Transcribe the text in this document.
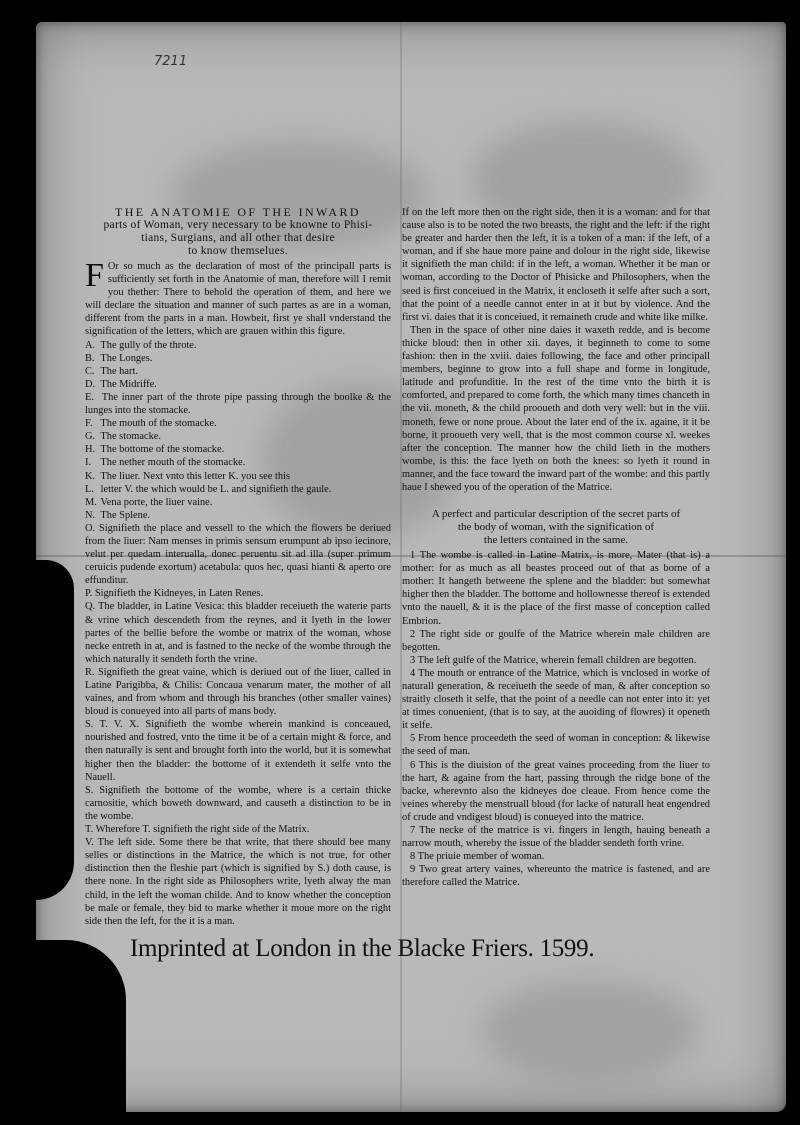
7211
THE ANATOMIE OF THE INWARD
parts of Woman, very necessary to be knowne to Phisi-
tians, Surgians, and all other that desire
to know themselues.

F Or so much as the declaration of most of the principall parts is sufficiently set forth in the Anatomie of man, therefore will I remit you thether: There to behold the operation of them, and here we will declare the situation and manner of such partes as are in a woman, different from the parts in a man. Howbeit, first ye shall vnderstand the signification of the letters, which are grauen within this figure.

A. The gully of the throte.
B. The Longes.
C. The hart.
D. The Midriffe.
E. The inner part of the throte pipe passing through the boolke & the lunges into the stomacke.
F. The mouth of the stomacke.
G. The stomacke.
H. The bottome of the stomacke.
I. The nether mouth of the stomacke.
K. The liuer. Next vnto this letter K. you see this
L. letter V. the which would be L. and signifieth the gaule.
M. Vena porte, the liuer vaine.
N. The Splene.

O. Signifieth the place and vessell to the which the flowers be deriued from the liuer: Nam menses in primis sensum erumpunt ab ipso iecinore, velut per quedam interualla, donec peruentu sit ad illa (super primum ceruicis pudende exortum) acetabula: quos hec, quasi hianti & aperto ore effunditur.

P. Signifieth the Kidneyes, in Laten Renes.

Q. The bladder, in Latine Vesica: this bladder receiueth the waterie parts & vrine which descendeth from the reynes, and it lyeth in the lower partes of the bellie before the wombe or matrix of the woman, whose necke entreth in at, and is fastned to the necke of the wombe through the which naturally it sendeth forth the vrine.

R. Signifieth the great vaine, which is deriued out of the liuer, called in Latine Parigibba, & Chilis: Concaua venarum mater, the mother of all vaines, and from whom and through his branches (other smaller vaines) bloud is conueyed into all parts of mans body.

S. T. V. X. Signifieth the wombe wherein mankind is conceaued, nourished and fostred, vnto the time it be of a certain might & force, and then naturally is sent and brought forth into the world, but it is somewhat higher then the bladder: the bottome of it extendeth it selfe vnto the Nauell.

S. Signifieth the bottome of the wombe, where is a certain thicke carnositie, which boweth downward, and causeth a distinction to be in the wombe.

T. Wherefore T. signifieth the right side of the Matrix.

V. The left side. Some there be that write, that there should bee many selles or distinctions in the Matrice, the which is not true, for other distinction then the fleshie part (which is signified by S.) doth cause, is there none. In the right side as Philosophers write, lyeth alway the man child, in the left the woman childe. And to know whether the conception be male or female, they bid to marke whether it moue more on the right side then the left, for the it is a man.

If on the left more then on the right side, then it is a woman: and for that cause also is to be noted the two breasts, the right and the left: if the right be greater and harder then the left, it is a token of a man: if the left, of a woman, and if she haue more paine and dolour in the right side, likewise it signifieth the man child: if in the left, a woman. Whether it be man or woman, according to the Doctor of Phisicke and Philosophers, when the seed is first conceiued in the Matrix, it encloseth it selfe after such a sort, that the point of a needle cannot enter in at it but by violence. And the first vi. daies that it is conceiued, it remaineth crude and white like milke.

Then in the space of other nine daies it waxeth redde, and is become thicke bloud: then in other xii. dayes, it beginneth to come to some fashion: then in the xviii. daies following, the face and other principall members, beginne to grow into a full shape and forme in longitude, latitude and profunditie. In the rest of the time vnto the birth it is comforted, and prepared to come forth, the which many times chanceth in the vii. moneth, & the child prooueth and doth very well: but in the viii. moneth, fewe or none proue. About the later end of the ix. againe, it it be borne, it prooueth very well, that is the most common course xl. weekes after the conception. The manner how the child lieth in the mothers wombe, is this: the face lyeth on both the knees: so lyeth it round in manner, and the face toward the inward part of the wombe: and this partly haue I shewed you of the operation of the Matrice.

A perfect and particular description of the secret parts of
the body of woman, with the signification of
the letters contained in the same.

1 The wombe is called in Latine Matrix, is more, Mater (that is) a mother: for as much as all beastes proceed out of that as borne of a mother: It hangeth betweene the splene and the bladder: but somewhat higher then the bladder. The bottome and hollownesse thereof is extended vnto the nauell, & it is the place of the first masse of conception called Embrion.

2 The right side or goulfe of the Matrice wherein male children are begotten.

3 The left gulfe of the Matrice, wherein femall children are begotten.

4 The mouth or entrance of the Matrice, which is vnclosed in worke of naturall generation, & receiueth the seede of man, & after conception so straitly closeth it selfe, that the point of a needle can not enter into it: yet at times conuenient, (that is to say, at the auoiding of flowres) it openeth it selfe.

5 From hence proceedeth the seed of woman in conception: & likewise the seed of man.

6 This is the diuision of the great vaines proceeding from the liuer to the hart, & againe from the hart, passing through the ridge bone of the backe, wherevnto also the kidneyes doe cleaue. From hence come the veines whereby the menstruall bloud (for lacke of naturall heat engendred of crude and vndigest bloud) is conueyed into the matrice.

7 The necke of the matrice is vi. fingers in length, hauing beneath a narrow mouth, whereby the issue of the bladder sendeth forth vrine.

8 The priuie member of woman.

9 Two great artery vaines, whereunto the matrice is fastened, and are therefore called the Matrice.

Imprinted at London in the Blacke Friers. 1599.
